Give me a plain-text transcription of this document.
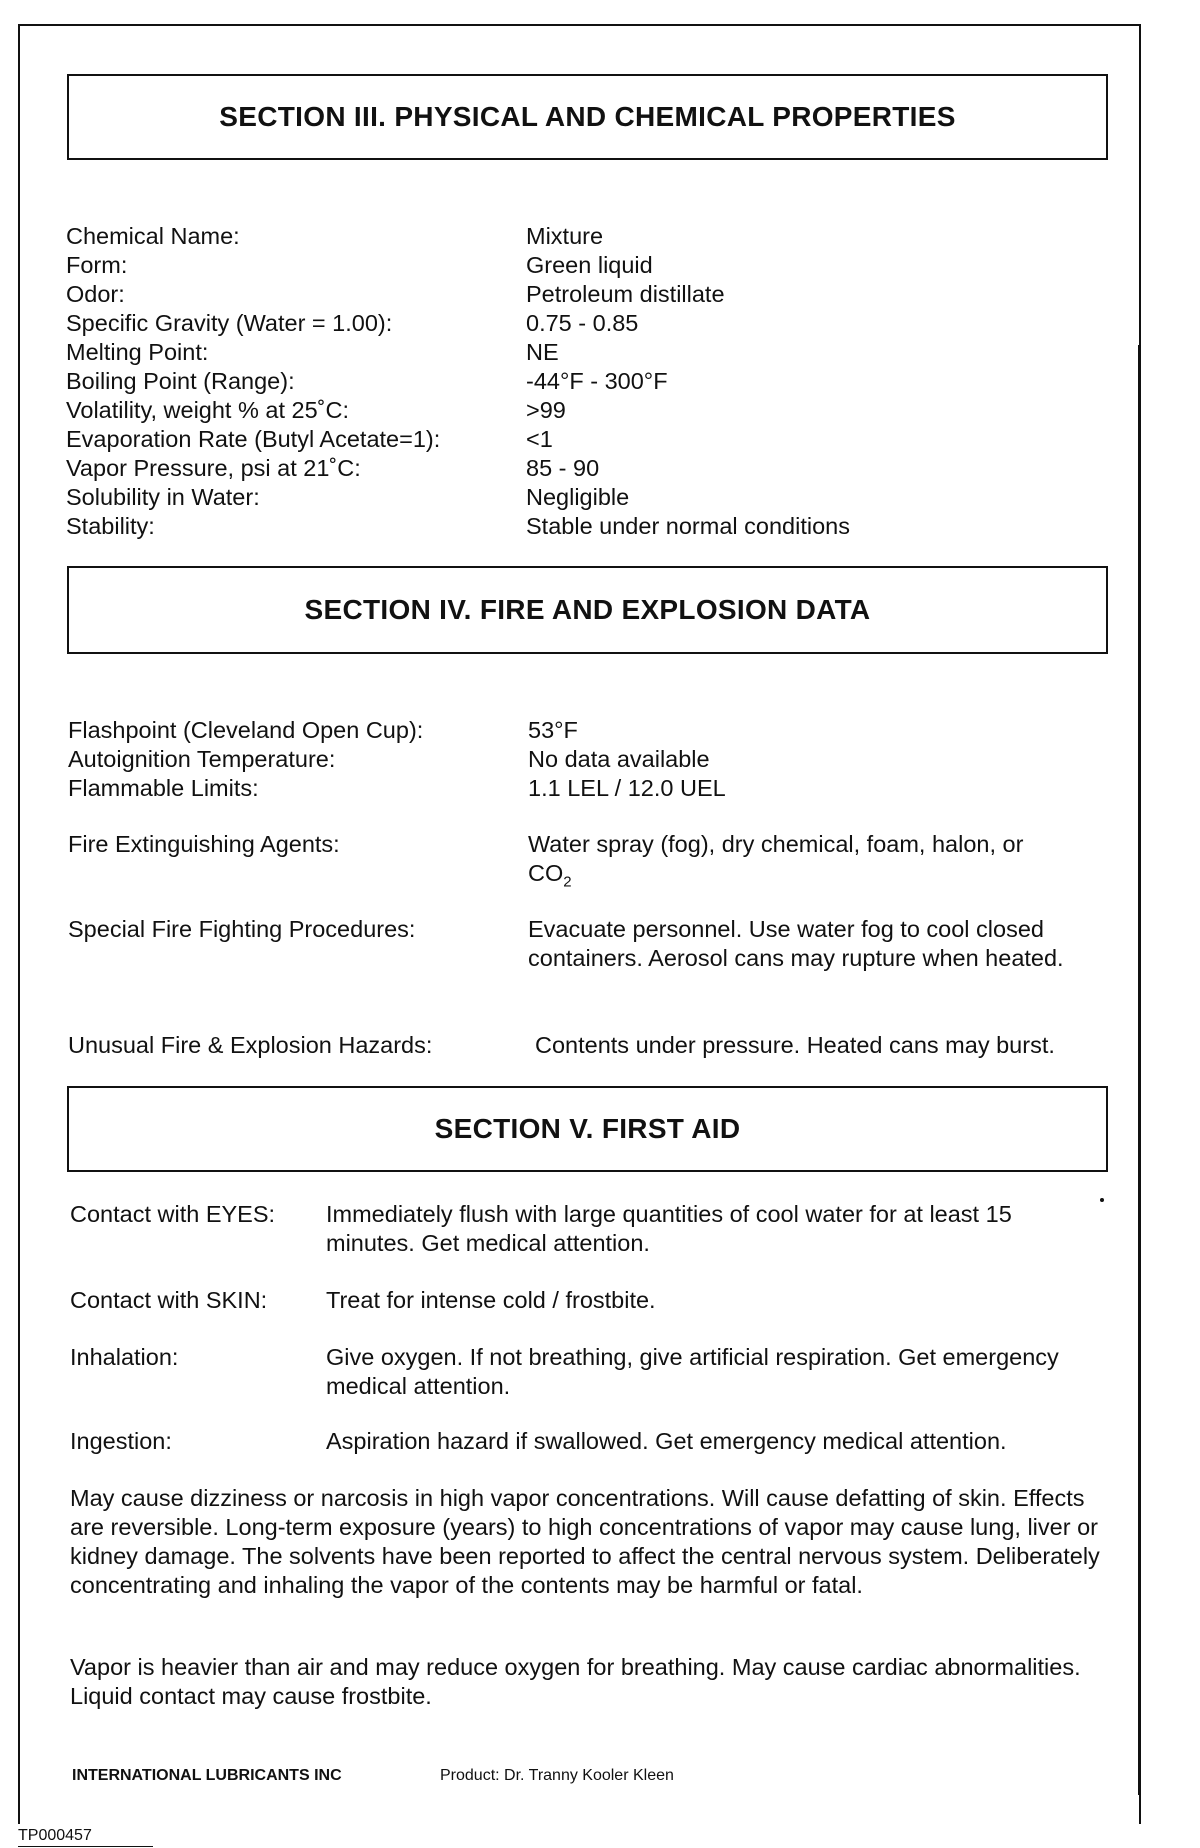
SECTION III. PHYSICAL AND CHEMICAL PROPERTIES
Chemical Name:	Mixture
Form:	Green liquid
Odor:	Petroleum distillate
Specific Gravity (Water = 1.00):	0.75 - 0.85
Melting Point:	NE
Boiling Point (Range):	-44°F - 300°F
Volatility, weight % at 25˚C:	>99
Evaporation Rate (Butyl Acetate=1):	<1
Vapor Pressure, psi at 21˚C:	85 - 90
Solubility in Water:	Negligible
Stability:	Stable under normal conditions
SECTION IV. FIRE AND EXPLOSION DATA
Flashpoint (Cleveland Open Cup):	53°F
Autoignition Temperature:	No data available
Flammable Limits:	1.1 LEL / 12.0 UEL
Fire Extinguishing Agents:	Water spray (fog), dry chemical, foam, halon, or
$CO_2$
Special Fire Fighting Procedures:	Evacuate personnel. Use water fog to cool closed containers. Aerosol cans may rupture when heated.
Unusual Fire & Explosion Hazards:	Contents under pressure. Heated cans may burst.
SECTION V. FIRST AID
Contact with EYES: Immediately flush with large quantities of cool water for at least 15 minutes. Get medical attention.
Contact with SKIN:	Treat for intense cold / frostbite.
Inhalation:	Give oxygen. If not breathing, give artificial respiration. Get emergency medical attention.
Ingestion:	Aspiration hazard if swallowed. Get emergency medical attention.
May cause dizziness or narcosis in high vapor concentrations. Will cause defatting of skin. Effects are reversible. Long-term exposure (years) to high concentrations of vapor may cause lung, liver or kidney damage. The solvents have been reported to affect the central nervous system. Deliberately concentrating and inhaling the vapor of the contents may be harmful or fatal.
Vapor is heavier than air and may reduce oxygen for breathing. May cause cardiac abnormalities. Liquid contact may cause frostbite.
INTERNATIONAL LUBRICANTS INC	Product: Dr. Tranny Kooler Kleen
TP000457
